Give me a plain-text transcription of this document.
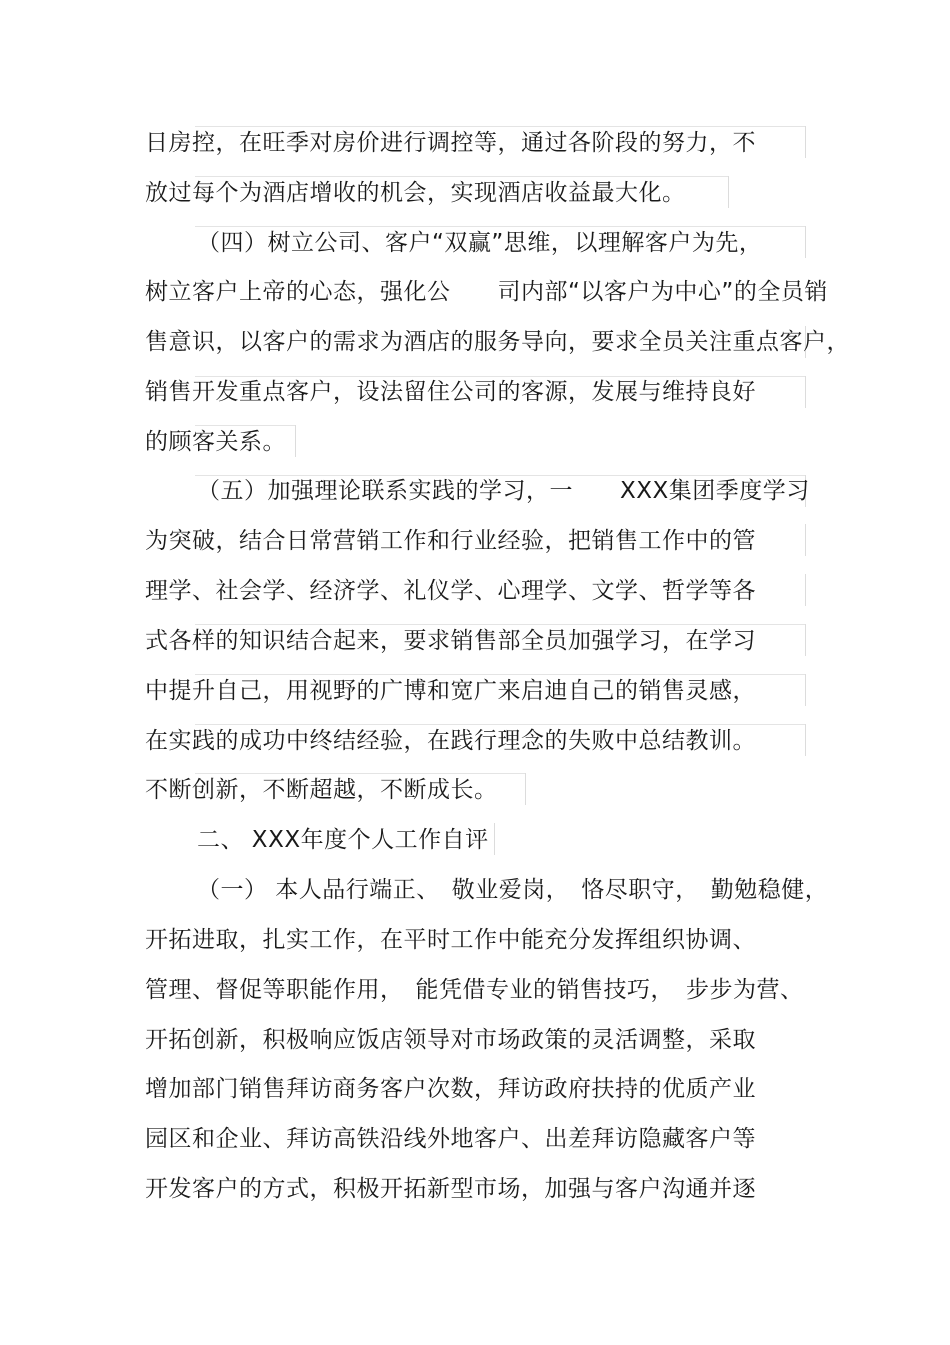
日房控，在旺季对房价进行调控等，通过各阶段的努力，不
放过每个为酒店增收的机会，实现酒店收益最大化。
（四）树立公司、客户“双赢”思维，以理解客户为先，
树立客户上帝的心态，强化公　　司内部“以客户为中心”的全员销
售意识，以客户的需求为酒店的服务导向，要求全员关注重点客户，
销售开发重点客户，设法留住公司的客源，发展与维持良好
的顾客关系。
（五）加强理论联系实践的学习，一　　XXX集团季度学习
为突破，结合日常营销工作和行业经验，把销售工作中的管
理学、社会学、经济学、礼仪学、心理学、文学、哲学等各
式各样的知识结合起来，要求销售部全员加强学习，在学习
中提升自己，用视野的广博和宽广来启迪自己的销售灵感，
在实践的成功中终结经验，在践行理念的失败中总结教训。
不断创新，不断超越，不断成长。
二、 XXX年度个人工作自评
（一） 本人品行端正、　敬业爱岗，　恪尽职守，　勤勉稳健，
开拓进取，扎实工作，在平时工作中能充分发挥组织协调、
管理、督促等职能作用，　能凭借专业的销售技巧，　步步为营、
开拓创新，积极响应饭店领导对市场政策的灵活调整，采取
增加部门销售拜访商务客户次数，拜访政府扶持的优质产业
园区和企业、拜访高铁沿线外地客户、出差拜访隐藏客户等
开发客户的方式，积极开拓新型市场，加强与客户沟通并逐
